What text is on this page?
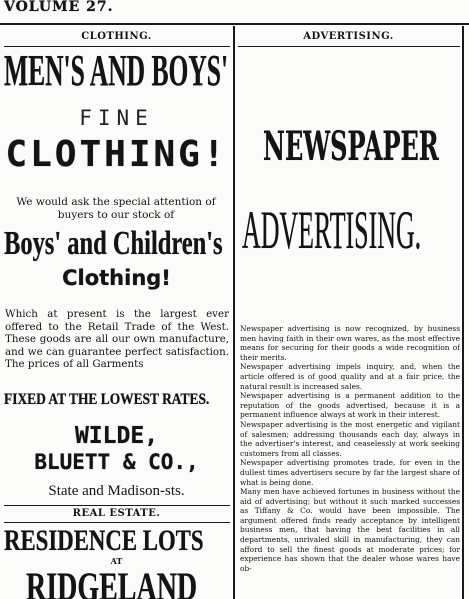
VOLUME 27.
CLOTHING.
MEN'S AND BOYS'
FINE
CLOTHING!
We would ask the special attention of buyers to our stock of
Boys' and Children's
Clothing!
Which at present is the largest ever offered to the Retail Trade of the West. These goods are all our own manufacture, and we can guarantee perfect satisfaction. The prices of all Garments
FIXED AT THE LOWEST RATES.
WILDE,
BLUETT & CO.,
State and Madison-sts.
REAL ESTATE.
RESIDENCE LOTS
AT
RIDGELAND
ADVERTISING.
NEWSPAPER
ADVERTISING.

Newspaper advertising is now recognized, by business men having faith in their own wares, as the most effective means for securing for their goods a wide recognition of their merits.

Newspaper advertising impels inquiry, and, when the article offered is of good quality and at a fair price, the natural result is increased sales.

Newspaper advertising is a permanent addition to the reputation of the goods advertised, because it is a permanent influence always at work in their interest.

Newspaper advertising is the most energetic and vigilant of salesmen; addressing thousands each day, always in the advertiser's interest, and ceaselessly at work seeking customers from all classes.

Newspaper advertising promotes trade, for even in the dullest times advertisers secure by far the largest share of what is being done.

Many men have achieved fortunes in business without the aid of advertising; but without it such marked successes as Tiffany & Co. would have been impossible. The argument offered finds ready acceptance by intelligent business men, that having the best facilities in all departments, unrivaled skill in manufacturing, they can afford to sell the finest goods at moderate prices; for experience has shown that the dealer whose wares have ob-
